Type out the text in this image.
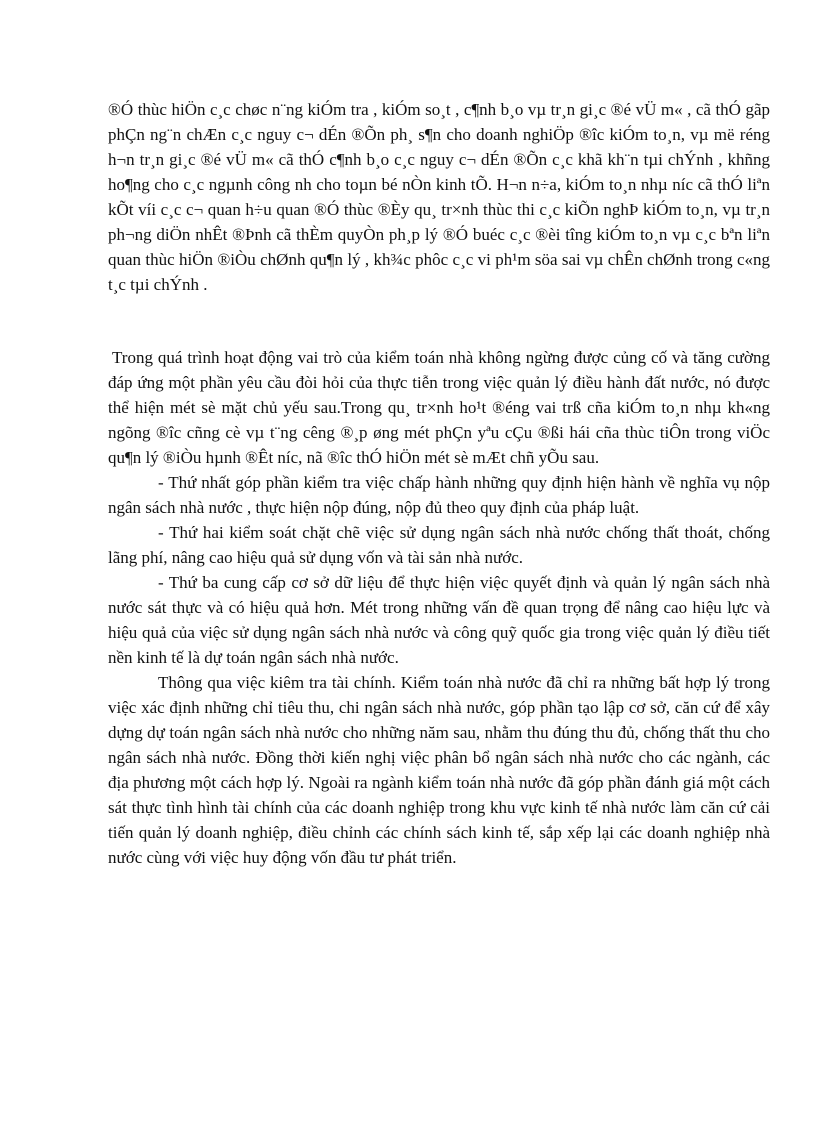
®Ó thùc hiÖn c¸c chøc n¨ng kiÓm tra , kiÓm so¸t , c¶nh b¸o vµ tr¸n gi¸c ®é vÜ m« , cã thÓ gãp phÇn ng¨n chÆn c¸c nguy c¬ dÉn ®Õn ph¸ s¶n cho doanh nghiÖp ®îc kiÓm to¸n, vµ më réng h¬n tr¸n gi¸c ®é vÜ m« cã thÓ c¶nh b¸o c¸c nguy c¬ dÉn ®Õn c¸c khã kh¨n tµi chÝnh , khñng ho¶ng cho c¸c ngµnh công nh cho toµn bé nÒn kinh tÕ. H¬n n÷a, kiÓm to¸n nhµ níc cã thÓ liªn kÕt víi c¸c c¬ quan h÷u quan ®Ó thùc ®Èy qu¸ tr×nh thùc thi c¸c kiÕn nghÞ kiÓm to¸n, vµ tr¸n ph¬ng diÖn nhÊt ®Þnh cã thÈm quyÒn ph¸p lý ®Ó buéc c¸c ®èi tîng kiÓm to¸n vµ c¸c bªn liªn quan thùc hiÖn ®iÒu chØnh qu¶n lý , kh¾c phôc c¸c vi ph¹m söa sai vµ chÊn chØnh trong c«ng t¸c tµi chÝnh .

Trong quá trình hoạt động vai trò của kiểm toán nhà không ngừng được củng cố và tăng cường đáp ứng một phần yêu cầu đòi hỏi của thực tiễn trong việc quản lý điều hành đất nước, nó được thể hiện mét sè mặt chủ yếu sau.Trong qu¸ tr×nh ho¹t ®éng vai trß cña kiÓm to¸n nhµ kh«ng ngõng ®îc cñng cè vµ t¨ng cêng ®¸p øng mét phÇn yªu cÇu ®ßi hái cña thùc tiÔn trong viÖc qu¶n lý ®iÒu hµnh ®Êt níc, nã ®îc thÓ hiÖn mét sè mÆt chñ yÕu sau.

- Thứ nhất góp phần kiểm tra việc chấp hành những quy định hiện hành về nghĩa vụ nộp ngân sách nhà nước , thực hiện nộp đúng, nộp đủ theo quy định của pháp luật.

- Thứ hai kiểm soát chặt chẽ việc sử dụng ngân sách nhà nước chống thất thoát, chống lãng phí, nâng cao hiệu quả sử dụng vốn và tài sản nhà nước.

- Thứ ba cung cấp cơ sở dữ liệu để thực hiện việc quyết định và quản lý ngân sách nhà nước sát thực và có hiệu quả hơn. Mét trong những vấn đề quan trọng để nâng cao hiệu lực và hiệu quả của việc sử dụng ngân sách nhà nước và công quỹ quốc gia trong việc quản lý điều tiết nền kinh tế là dự toán ngân sách nhà nước.

Thông qua việc kiêm tra tài chính. Kiểm toán nhà nước đã chỉ ra những bất hợp lý trong việc xác định những chỉ tiêu thu, chi ngân sách nhà nước, góp phần tạo lập cơ sở, căn cứ để xây dựng dự toán ngân sách nhà nước cho những năm sau, nhằm thu đúng thu đủ, chống thất thu cho ngân sách nhà nước. Đồng thời kiến nghị việc phân bổ ngân sách nhà nước cho các ngành, các địa phương một cách hợp lý. Ngoài ra ngành kiểm toán nhà nước đã góp phần đánh giá một cách sát thực tình hình tài chính của các doanh nghiệp trong khu vực kinh tế nhà nước làm căn cứ cải tiến quản lý doanh nghiệp, điều chỉnh các chính sách kinh tế, sắp xếp lại các doanh nghiệp nhà nước cùng với việc huy động vốn đầu tư phát triển.
